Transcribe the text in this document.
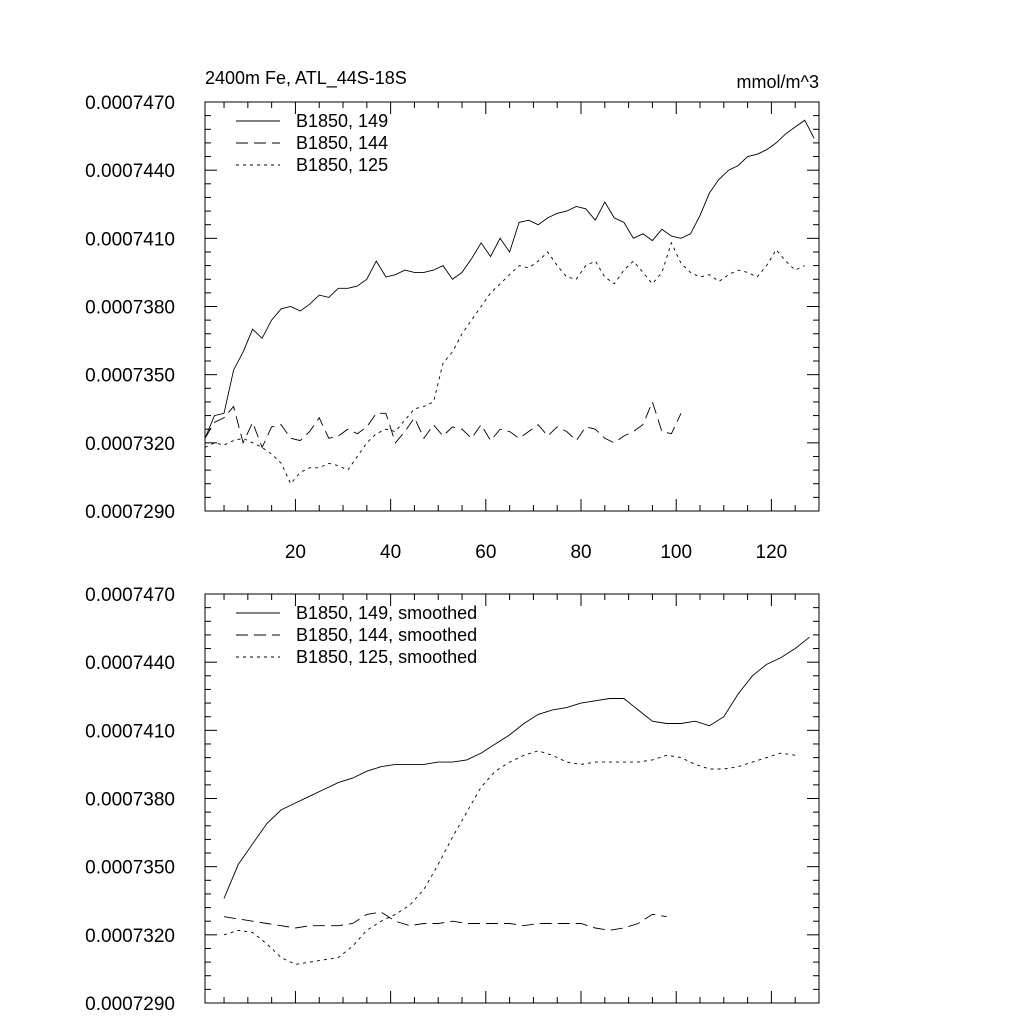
0.0007290
0.0007320
0.0007350
0.0007380
0.0007410
0.0007440
0.0007470
20	40	60	80	100	120
2400m Fe, ATL_44S-18S	mmol/m^3
B1850, 149
B1850, 144
B1850, 125
0.0007290
0.0007320
0.0007350
0.0007380
0.0007410
0.0007440
0.0007470
B1850, 149, smoothed
B1850, 144, smoothed
B1850, 125, smoothed
